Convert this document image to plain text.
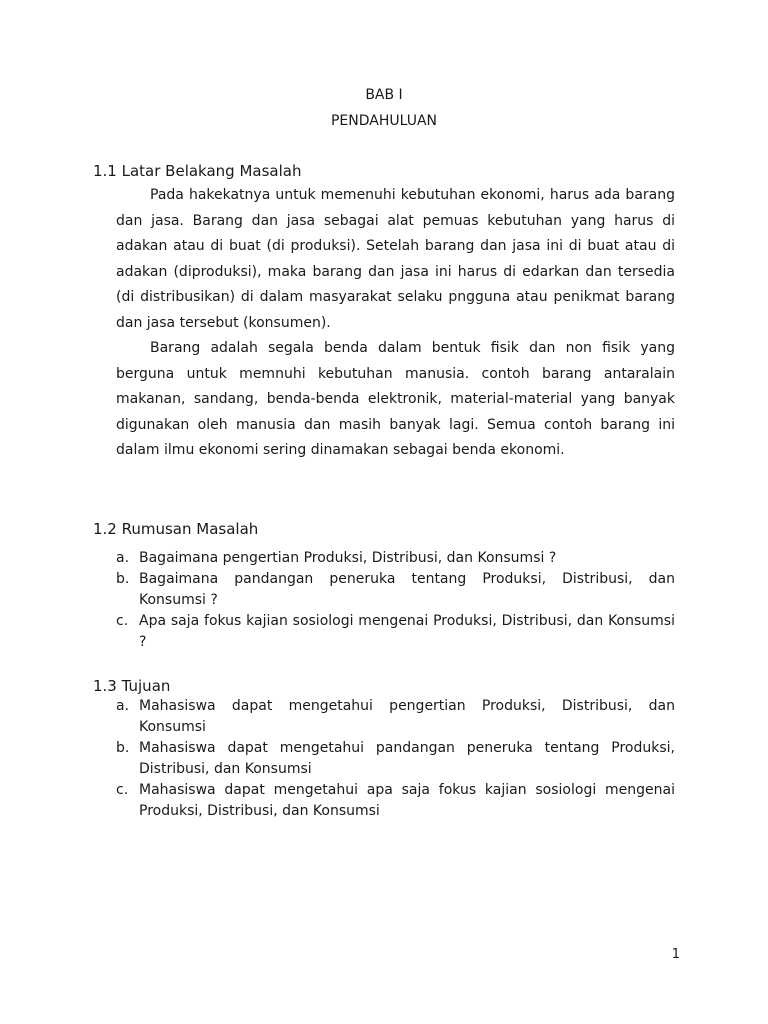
BAB I
PENDAHULUAN
1.1 Latar Belakang Masalah

Pada hakekatnya untuk memenuhi kebutuhan ekonomi, harus ada barang dan jasa. Barang dan jasa sebagai alat pemuas kebutuhan yang harus di adakan atau di buat (di produksi). Setelah barang dan jasa ini di buat atau di adakan (diproduksi), maka barang dan jasa ini harus di edarkan dan tersedia (di distribusikan) di dalam masyarakat selaku pngguna atau penikmat barang dan jasa tersebut (konsumen).

Barang adalah segala benda dalam bentuk fisik dan non fisik yang berguna untuk memnuhi kebutuhan manusia. contoh barang antaralain makanan, sandang, benda-benda elektronik, material-material yang banyak digunakan oleh manusia dan masih banyak lagi. Semua contoh barang ini dalam ilmu ekonomi sering dinamakan sebagai benda ekonomi.

1.2 Rumusan Masalah
a. Bagaimana pengertian Produksi, Distribusi, dan Konsumsi ?
b. Bagaimana pandangan peneruka tentang Produksi, Distribusi, dan Konsumsi ?
c. Apa saja fokus kajian sosiologi mengenai Produksi, Distribusi, dan Konsumsi ?
1.3 Tujuan
a. Mahasiswa dapat mengetahui pengertian Produksi, Distribusi, dan Konsumsi
b. Mahasiswa dapat mengetahui pandangan peneruka tentang Produksi, Distribusi, dan Konsumsi
c. Mahasiswa dapat mengetahui apa saja fokus kajian sosiologi mengenai Produksi, Distribusi, dan Konsumsi
1
